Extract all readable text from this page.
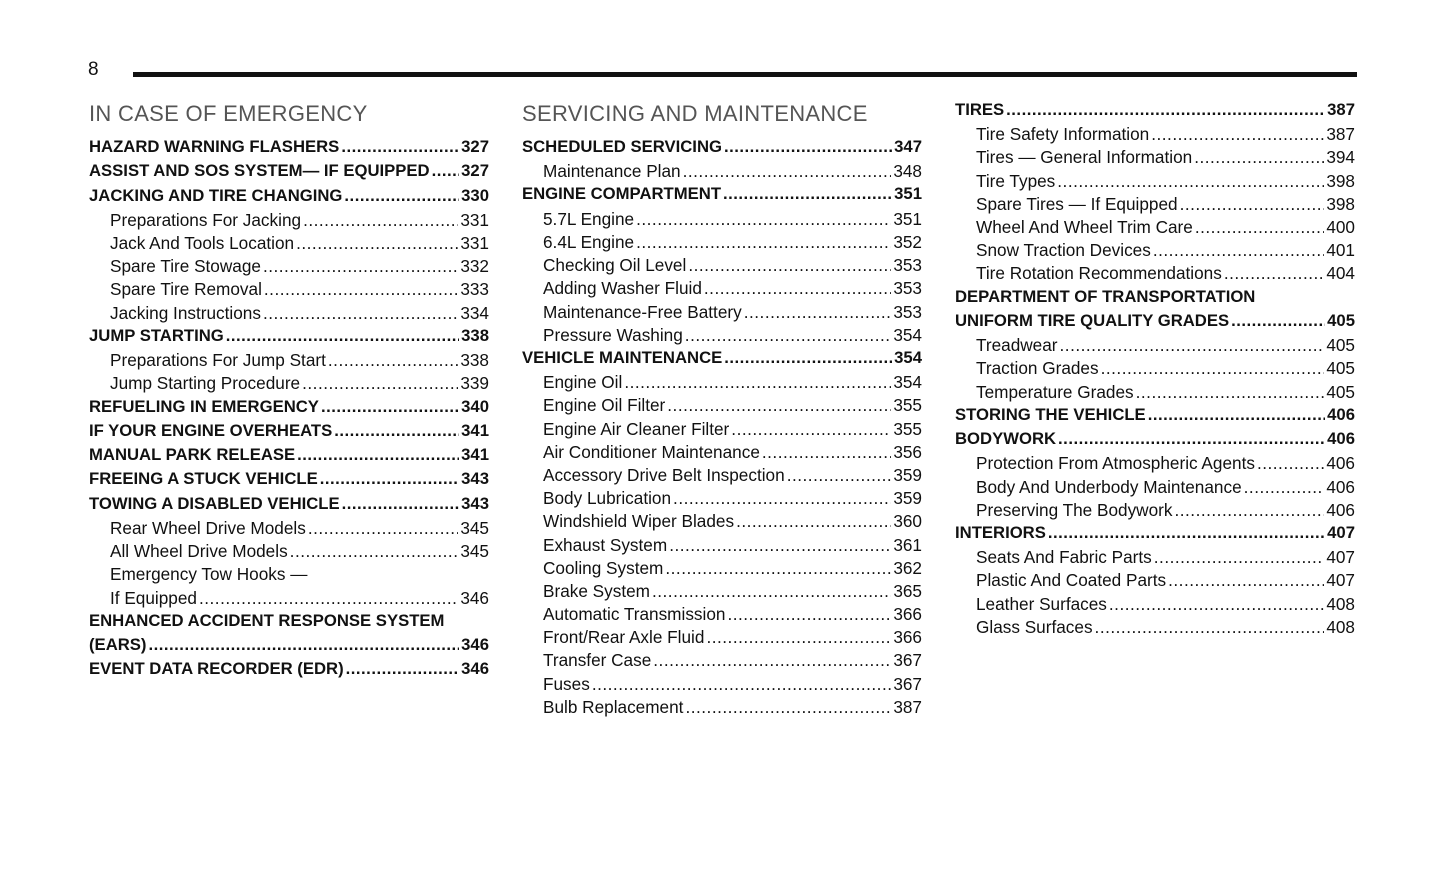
8
IN CASE OF EMERGENCY
HAZARD WARNING FLASHERS .....	327
ASSIST AND SOS SYSTEM— IF EQUIPPED ..... 327
JACKING AND TIRE CHANGING .....	330
Preparations For Jacking .....	331
Jack And Tools Location .....	331
Spare Tire Stowage .....	332
Spare Tire Removal .....	333
Jacking Instructions .....	334
JUMP STARTING .....	338
Preparations For Jump Start .....	338
Jump Starting Procedure .....	339
REFUELING IN EMERGENCY .....	340
IF YOUR ENGINE OVERHEATS .....	341
MANUAL PARK RELEASE .....	341
FREEING A STUCK VEHICLE .....	343
TOWING A DISABLED VEHICLE .....	343
Rear Wheel Drive Models .....	345
All Wheel Drive Models .....	345
Emergency Tow Hooks —
If Equipped .....	346
ENHANCED ACCIDENT RESPONSE SYSTEM
(EARS) .....	346
EVENT DATA RECORDER (EDR) .....	346
SERVICING AND MAINTENANCE
SCHEDULED SERVICING .....	347
Maintenance Plan .....	348
ENGINE COMPARTMENT .....	351
5.7L Engine .....	351
6.4L Engine .....	352
Checking Oil Level .....	353
Adding Washer Fluid .....	353
Maintenance-Free Battery .....	353
Pressure Washing .....	354
VEHICLE MAINTENANCE .....	354
Engine Oil .....	354
Engine Oil Filter .....	355
Engine Air Cleaner Filter .....	355
Air Conditioner Maintenance .....	356
Accessory Drive Belt Inspection .....	359
Body Lubrication .....	359
Windshield Wiper Blades .....	360
Exhaust System .....	361
Cooling System .....	362
Brake System .....	365
Automatic Transmission .....	366
Front/Rear Axle Fluid .....	366
Transfer Case .....	367
Fuses .....	367
Bulb Replacement .....	387
TIRES .....	387
Tire Safety Information .....	387
Tires — General Information .....	394
Tire Types .....	398
Spare Tires — If Equipped .....	398
Wheel And Wheel Trim Care .....	400
Snow Traction Devices .....	401
Tire Rotation Recommendations .....	404
DEPARTMENT OF TRANSPORTATION
UNIFORM TIRE QUALITY GRADES .....	405
Treadwear .....	405
Traction Grades .....	405
Temperature Grades .....	405
STORING THE VEHICLE .....	406
BODYWORK .....	406
Protection From Atmospheric Agents .....	406
Body And Underbody Maintenance .....	406
Preserving The Bodywork .....	406
INTERIORS .....	407
Seats And Fabric Parts .....	407
Plastic And Coated Parts .....	407
Leather Surfaces .....	408
Glass Surfaces .....	408
